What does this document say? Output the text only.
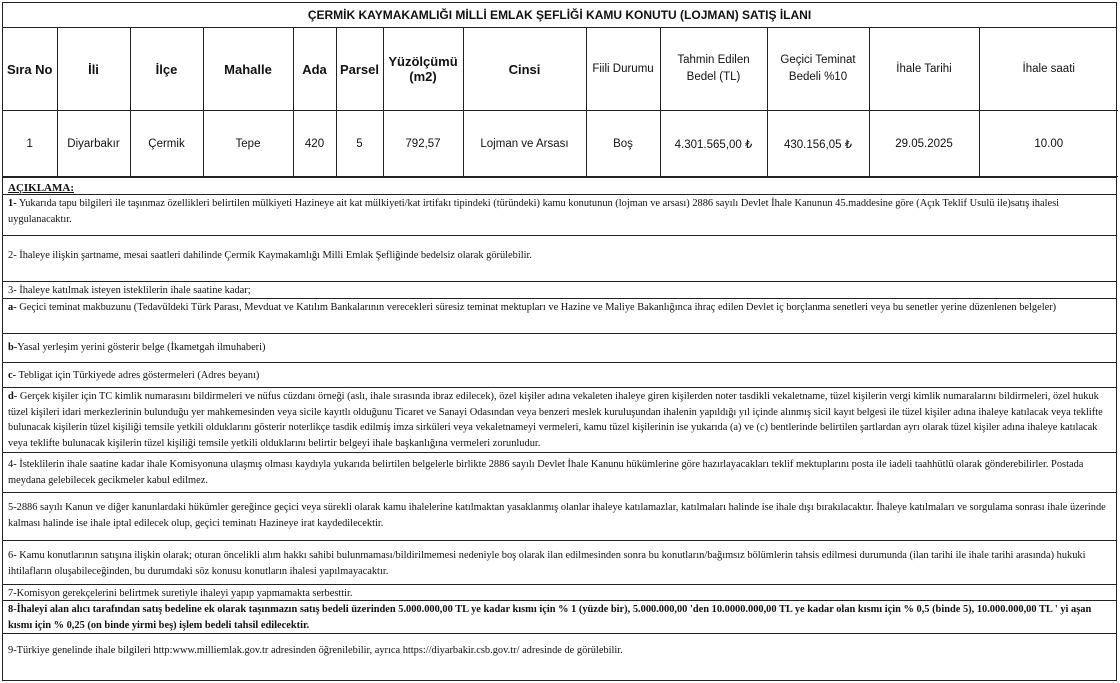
ÇERMİK KAYMAKAMLIĞI MİLLİ EMLAK ŞEFLİĞİ KAMU KONUTU (LOJMAN) SATIŞ İLANI
Sıra No	İli	İlçe	Mahalle	Ada	Parsel	Yüzölçümü (m2)	Cinsi	Fiili Durumu	Tahmin Edilen Bedel (TL)	Geçici Teminat Bedeli %10	İhale Tarihi	İhale saati
1	Diyarbakır	Çermik	Tepe	420	5	792,57	Lojman ve Arsası	Boş	4.301.565,00 ₺	430.156,05 ₺	29.05.2025	10.00
AÇIKLAMA:
1- Yukarıda tapu bilgileri ile taşınmaz özellikleri belirtilen mülkiyeti Hazineye ait kat mülkiyeti/kat irtifakı tipindeki (türündeki) kamu konutunun (lojman ve arsası) 2886 sayılı Devlet İhale Kanunun 45.maddesine göre (Açık Teklif Usulü ile)satış ihalesi uygulanacaktır.
2- İhaleye ilişkin şartname, mesai saatleri dahilinde Çermik Kaymakamlığı Milli Emlak Şefliğinde bedelsiz olarak görülebilir.
3- İhaleye katılmak isteyen isteklilerin ihale saatine kadar;
a- Geçici teminat makbuzunu (Tedavüldeki Türk Parası, Mevduat ve Katılım Bankalarının verecekleri süresiz teminat mektupları ve Hazine ve Maliye Bakanlığınca ihraç edilen Devlet iç borçlanma senetleri veya bu senetler yerine düzenlenen belgeler)
b-Yasal yerleşim yerini gösterir belge (İkametgah ilmuhaberi)
c- Tebligat için Türkiyede adres göstermeleri (Adres beyanı)
d- Gerçek kişiler için TC kimlik numarasını bildirmeleri ve nüfus cüzdanı örneği (aslı, ihale sırasında ibraz edilecek), özel kişiler adına vekaleten ihaleye giren kişilerden noter tasdikli vekaletname, tüzel kişilerin vergi kimlik numaralarını bildirmeleri, özel hukuk tüzel kişileri idari merkezlerinin bulunduğu yer mahkemesinden veya sicile kayıtlı olduğunu Ticaret ve Sanayi Odasından veya benzeri meslek kuruluşundan ihalenin yapıldığı yıl içinde alınmış sicil kayıt belgesi ile tüzel kişiler adına ihaleye katılacak veya teklifte bulunacak kişilerin tüzel kişiliği temsile yetkili olduklarını gösterir noterlikçe tasdik edilmiş imza sirküleri veya vekaletnameyi vermeleri, kamu tüzel kişilerinin ise yukarıda (a) ve (c) bentlerinde belirtilen şartlardan ayrı olarak tüzel kişiler adına ihaleye katılacak veya teklifte bulunacak kişilerin tüzel kişiliği temsile yetkili olduklarını belirtir belgeyi ihale başkanlığına vermeleri zorunludur.
4- İsteklilerin ihale saatine kadar ihale Komisyonuna ulaşmış olması kaydıyla yukarıda belirtilen belgelerle birlikte 2886 sayılı Devlet İhale Kanunu hükümlerine göre hazırlayacakları teklif mektuplarını posta ile iadeli taahhütlü olarak gönderebilirler. Postada meydana gelebilecek gecikmeler kabul edilmez.
5-2886 sayılı Kanun ve diğer kanunlardaki hükümler gereğince geçici veya sürekli olarak kamu ihalelerine katılmaktan yasaklanmış olanlar ihaleye katılamazlar, katılmaları halinde ise ihale dışı bırakılacaktır. İhaleye katılmaları ve sorgulama sonrası ihale üzerinde kalması halinde ise ihale iptal edilecek olup, geçici teminatı Hazineye irat kaydedilecektir.
6- Kamu konutlarının satışına ilişkin olarak; oturan öncelikli alım hakkı sahibi bulunmaması/bildirilmemesi nedeniyle boş olarak ilan edilmesinden sonra bu konutların/bağımsız bölümlerin tahsis edilmesi durumunda (ilan tarihi ile ihale tarihi arasında) hukuki ihtilafların oluşabileceğinden, bu durumdaki söz konusu konutların ihalesi yapılmayacaktır.
7-Komisyon gerekçelerini belirtmek suretiyle ihaleyi yapıp yapmamakta serbesttir.
8-İhaleyi alan alıcı tarafından satış bedeline ek olarak taşınmazın satış bedeli üzerinden 5.000.000,00 TL ye kadar kısmı için % 1 (yüzde bir), 5.000.000,00 'den 10.0000.000,00 TL ye kadar olan kısmı için % 0,5 (binde 5), 10.000.000,00 TL ' yi aşan kısmı için % 0,25 (on binde yirmi beş) işlem bedeli tahsil edilecektir.
9-Türkiye genelinde ihale bilgileri http:www.milliemlak.gov.tr adresinden öğrenilebilir, ayrıca https://diyarbakir.csb.gov.tr/ adresinde de görülebilir.
